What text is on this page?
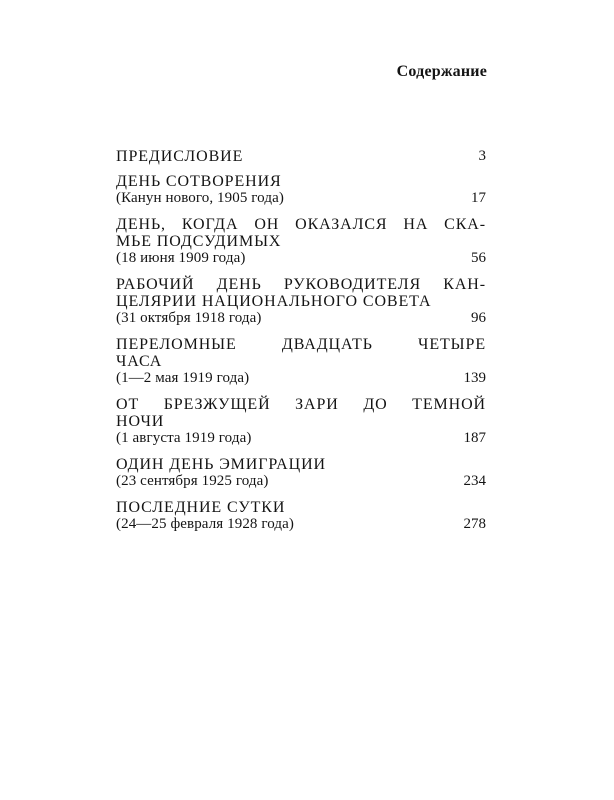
Содержание
ПРЕДИСЛОВИЕ	3
ДЕНЬ СОТВОРЕНИЯ
(Канун нового, 1905 года)	17
ДЕНЬ, КОГДА ОН ОКАЗАЛСЯ НА СКА-
МЬЕ ПОДСУДИМЫХ
(18 июня 1909 года)	56
РАБОЧИЙ ДЕНЬ РУКОВОДИТЕЛЯ КАН-
ЦЕЛЯРИИ НАЦИОНАЛЬНОГО СОВЕТА
(31 октября 1918 года)	96
ПЕРЕЛОМНЫЕ ДВАДЦАТЬ ЧЕТЫРЕ
ЧАСА
(1—2 мая 1919 года)	139
ОТ БРЕЗЖУЩЕЙ ЗАРИ ДО ТЕМНОЙ
НОЧИ
(1 августа 1919 года)	187
ОДИН ДЕНЬ ЭМИГРАЦИИ
(23 сентября 1925 года)	234
ПОСЛЕДНИЕ СУТКИ
(24—25 февраля 1928 года)	278
